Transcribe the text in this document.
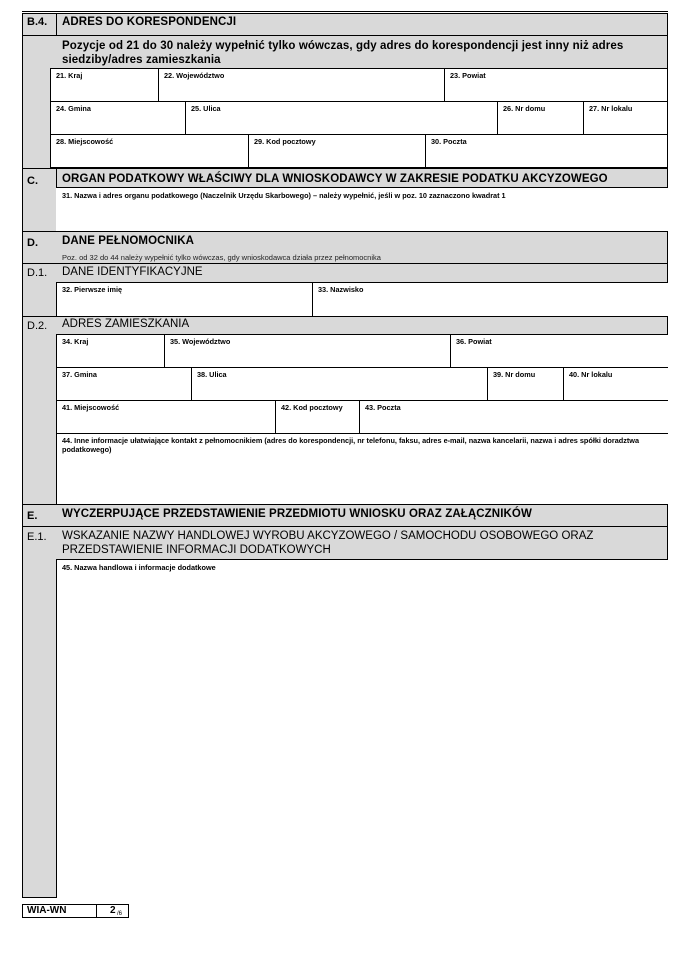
B.4. ADRES DO KORESPONDENCJI
Pozycje od 21 do 30 należy wypełnić tylko wówczas, gdy adres do korespondencji jest inny niż adres siedziby/adres zamieszkania
21. Kraj	22. Województwo	23. Powiat
24. Gmina	25. Ulica	26. Nr domu	27. Nr lokalu
28. Miejscowość	29. Kod pocztowy	30. Poczta
C. ORGAN PODATKOWY WŁAŚCIWY DLA WNIOSKODAWCY W ZAKRESIE PODATKU AKCYZOWEGO
31. Nazwa i adres organu podatkowego (Naczelnik Urzędu Skarbowego) – należy wypełnić, jeśli w poz. 10 zaznaczono kwadrat 1
D. DANE PEŁNOMOCNIKA
Poz. od 32 do 44 należy wypełnić tylko wówczas, gdy wnioskodawca działa przez pełnomocnika
D.1. DANE IDENTYFIKACYJNE
32. Pierwsze imię	33. Nazwisko
D.2. ADRES ZAMIESZKANIA
34. Kraj	35. Województwo	36. Powiat
37. Gmina	38. Ulica	39. Nr domu	40. Nr lokalu
41. Miejscowość	42. Kod pocztowy	43. Poczta
44. Inne informacje ułatwiające kontakt z pełnomocnikiem (adres do korespondencji, nr telefonu, faksu, adres e-mail, nazwa kancelarii, nazwa i adres spółki doradztwa podatkowego)
E. WYCZERPUJĄCE PRZEDSTAWIENIE PRZEDMIOTU WNIOSKU ORAZ ZAŁĄCZNIKÓW
E.1. WSKAZANIE NAZWY HANDLOWEJ WYROBU AKCYZOWEGO / SAMOCHODU OSOBOWEGO ORAZ PRZEDSTAWIENIE INFORMACJI DODATKOWYCH
45. Nazwa handlowa i informacje dodatkowe
WIA-WN	2 /6
